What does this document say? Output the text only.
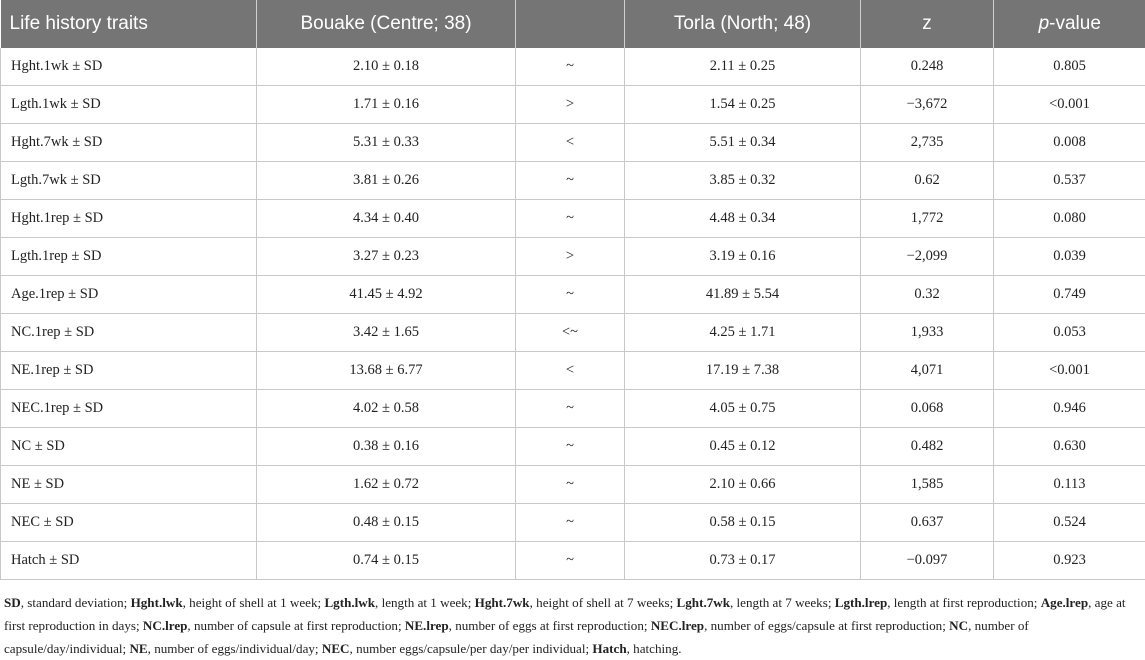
Life history traits	Bouake (Centre; 38)		Torla (North; 48)	z	p-value
Hght.1wk ± SD	2.10 ± 0.18	~	2.11 ± 0.25	0.248	0.805
Lgth.1wk ± SD	1.71 ± 0.16	>	1.54 ± 0.25	−3,672	<0.001
Hght.7wk ± SD	5.31 ± 0.33	<	5.51 ± 0.34	2,735	0.008
Lgth.7wk ± SD	3.81 ± 0.26	~	3.85 ± 0.32	0.62	0.537
Hght.1rep ± SD	4.34 ± 0.40	~	4.48 ± 0.34	1,772	0.080
Lgth.1rep ± SD	3.27 ± 0.23	>	3.19 ± 0.16	−2,099	0.039
Age.1rep ± SD	41.45 ± 4.92	~	41.89 ± 5.54	0.32	0.749
NC.1rep ± SD	3.42 ± 1.65	<~	4.25 ± 1.71	1,933	0.053
NE.1rep ± SD	13.68 ± 6.77	<	17.19 ± 7.38	4,071	<0.001
NEC.1rep ± SD	4.02 ± 0.58	~	4.05 ± 0.75	0.068	0.946
NC ± SD	0.38 ± 0.16	~	0.45 ± 0.12	0.482	0.630
NE ± SD	1.62 ± 0.72	~	2.10 ± 0.66	1,585	0.113
NEC ± SD	0.48 ± 0.15	~	0.58 ± 0.15	0.637	0.524
Hatch ± SD	0.74 ± 0.15	~	0.73 ± 0.17	−0.097	0.923
SD, standard deviation; Hght.lwk, height of shell at 1 week; Lgth.lwk, length at 1 week; Hght.7wk, height of shell at 7 weeks; Lght.7wk, length at 7 weeks; Lgth.lrep, length at first reproduction; Age.lrep, age at first reproduction in days; NC.lrep, number of capsule at first reproduction; NE.lrep, number of eggs at first reproduction; NEC.lrep, number of eggs/capsule at first reproduction; NC, number of capsule/day/individual; NE, number of eggs/individual/day; NEC, number eggs/capsule/per day/per individual; Hatch, hatching.
